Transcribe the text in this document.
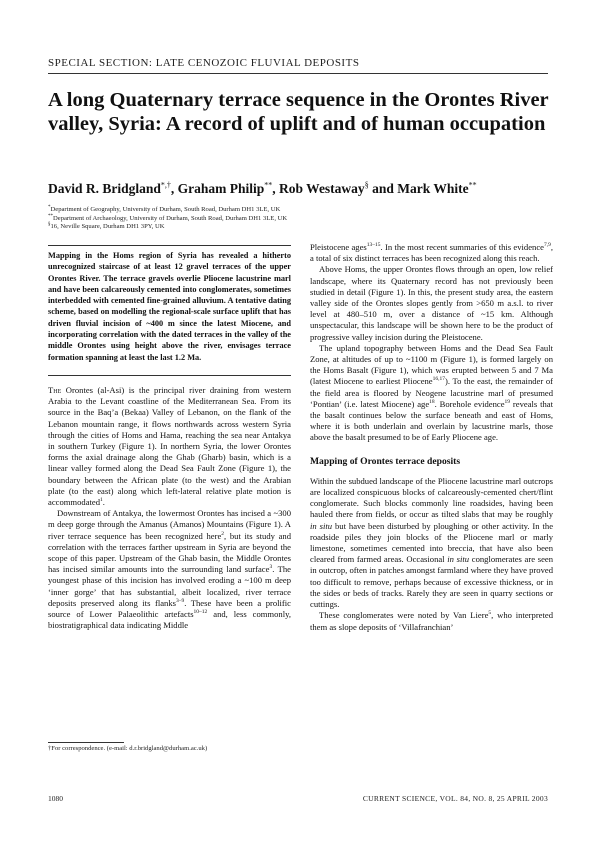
SPECIAL SECTION: LATE CENOZOIC FLUVIAL DEPOSITS
A long Quaternary terrace sequence in the Orontes River valley, Syria: A record of uplift and of human occupation
David R. Bridgland*,†, Graham Philip**, Rob Westaway§ and Mark White**
*Department of Geography, University of Durham, South Road, Durham DH1 3LE, UK
**Department of Archaeology, University of Durham, South Road, Durham DH1 3LE, UK
§16, Neville Square, Durham DH1 3PY, UK
Mapping in the Homs region of Syria has revealed a hitherto unrecognized staircase of at least 12 gravel terraces of the upper Orontes River. The terrace gravels overlie Pliocene lacustrine marl and have been calcareously cemented into conglomerates, sometimes interbedded with cemented fine-grained alluvium. A tentative dating scheme, based on modelling the regional-scale surface uplift that has driven fluvial incision of ~400 m since the latest Miocene, and incorporating correlation with the dated terraces in the valley of the middle Orontes using height above the river, envisages terrace formation spanning at least the last 1.2 Ma.

The Orontes (al-Asi) is the principal river draining from western Arabia to the Levant coastline of the Mediterranean Sea. From its source in the Baq’a (Bekaa) Valley of Lebanon, on the flank of the Lebanon mountain range, it flows northwards across western Syria through the cities of Homs and Hama, reaching the sea near Antakya in southern Turkey (Figure 1). In northern Syria, the lower Orontes forms the axial drainage along the Ghab (Gharb) basin, which is a linear valley formed along the Dead Sea Fault Zone (Figure 1), the boundary between the African plate (to the west) and the Arabian plate (to the east) along which left-lateral relative plate motion is accommodated$^1$.

Downstream of Antakya, the lowermost Orontes has incised a ~300 m deep gorge through the Amanus (Amanos) Mountains (Figure 1). A river terrace sequence has been recognized here$^2$, but its study and correlation with the terraces farther upstream in Syria are beyond the scope of this paper. Upstream of the Ghab basin, the Middle Orontes has incised similar amounts into the surrounding land surface$^3$. The youngest phase of this incision has involved eroding a ~100 m deep ‘inner gorge’ that has substantial, albeit localized, river terrace deposits preserved along its flanks$^{3-9}$. These have been a prolific source of Lower Palaeolithic artefacts$^{10-12}$ and, less commonly, biostratigraphical data indicating Middle

Pleistocene ages$^{13-15}$. In the most recent summaries of this evidence$^{7,9}$, a total of six distinct terraces has been recognized along this reach.

Above Homs, the upper Orontes flows through an open, low relief landscape, where its Quaternary record has not previously been studied in detail (Figure 1). In this, the present study area, the eastern valley side of the Orontes slopes gently from >650 m a.s.l. to river level at 480–510 m, over a distance of ~15 km. Although unspectacular, this landscape will be shown here to be the product of progressive valley incision during the Pleistocene.

The upland topography between Homs and the Dead Sea Fault Zone, at altitudes of up to ~1100 m (Figure 1), is formed largely on the Homs Basalt (Figure 1), which was erupted between 5 and 7 Ma (latest Miocene to earliest Pliocene$^{16,17}$). To the east, the remainder of the field area is floored by Neogene lacustrine marl of presumed ‘Pontian’ (i.e. latest Miocene) age$^{18}$. Borehole evidence$^{19}$ reveals that the basalt continues below the surface beneath and east of Homs, where it is both underlain and overlain by lacustrine marls, those above the basalt presumed to be of Early Pliocene age.

Mapping of Orontes terrace deposits

Within the subdued landscape of the Pliocene lacustrine marl outcrops are localized conspicuous blocks of calcareously-cemented chert/flint conglomerate. Such blocks commonly line roadsides, having been hauled there from fields, or occur as tilted slabs that may be roughly in situ but have been disturbed by ploughing or other activity. In the roadside piles they join blocks of the Pliocene marl or marly limestone, sometimes cemented into breccia, that have also been cleared from farmed areas. Occasional in situ conglomerates are seen in outcrop, often in patches amongst farmland where they have proved too difficult to remove, perhaps because of excessive thickness, or in the sides or beds of tracks. Rarely they are seen in quarry sections or cuttings.

These conglomerates were noted by Van Liere$^5$, who interpreted them as slope deposits of ‘Villafranchian’

†For correspondence. (e-mail: d.r.bridgland@durham.ac.uk)
1080	CURRENT SCIENCE, VOL. 84, NO. 8, 25 APRIL 2003
